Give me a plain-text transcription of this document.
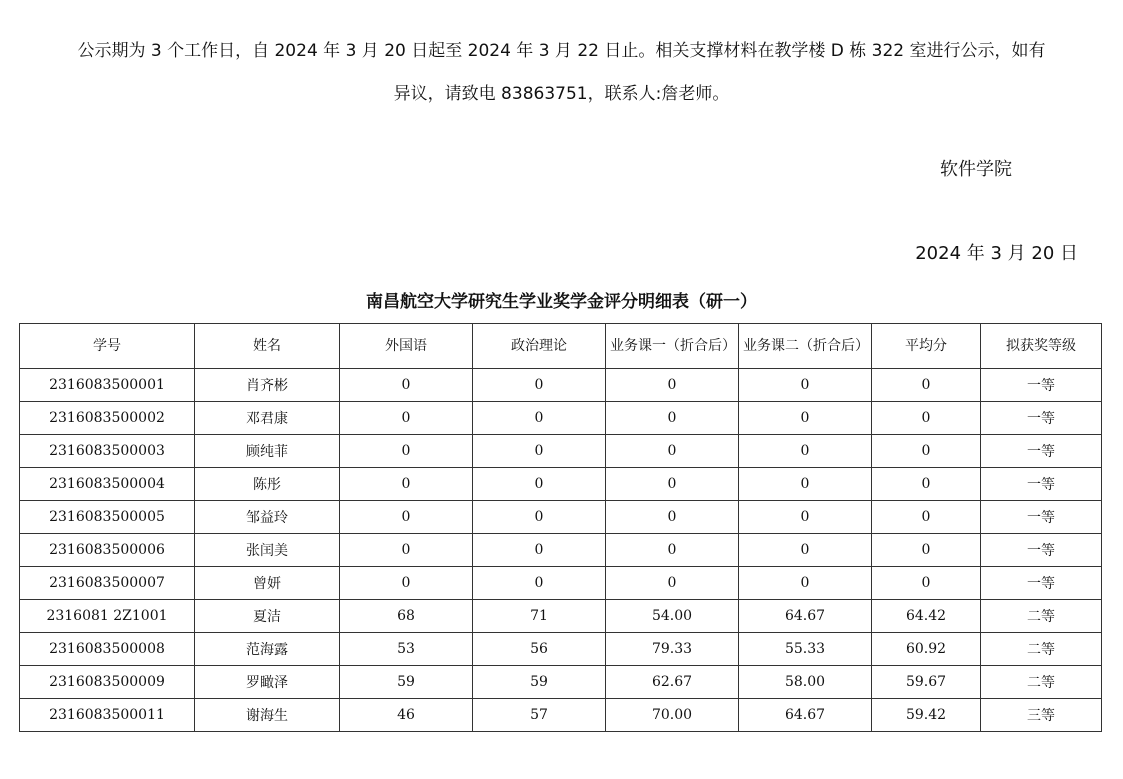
公示期为 3 个工作日，自 2024 年 3 月 20 日起至 2024 年 3 月 22 日止。相关支撑材料在教学楼 D 栋 322 室进行公示，如有
异议，请致电 83863751，联系人:詹老师。
软件学院
2024 年 3 月 20 日
南昌航空大学研究生学业奖学金评分明细表（研一）
学号	姓名	外国语	政治理论	业务课一（折合后）	业务课二（折合后）	平均分	拟获奖等级
2316083500001	肖齐彬	0	0	0	0	0	一等
2316083500002	邓君康	0	0	0	0	0	一等
2316083500003	顾纯菲	0	0	0	0	0	一等
2316083500004	陈彤	0	0	0	0	0	一等
2316083500005	邹益玲	0	0	0	0	0	一等
2316083500006	张闰美	0	0	0	0	0	一等
2316083500007	曾妍	0	0	0	0	0	一等
2316081 2Z1001	夏洁	68	71	54.00	64.67	64.42	二等
2316083500008	范海露	53	56	79.33	55.33	60.92	二等
2316083500009	罗瞰泽	59	59	62.67	58.00	59.67	二等
2316083500011	谢海生	46	57	70.00	64.67	59.42	三等
